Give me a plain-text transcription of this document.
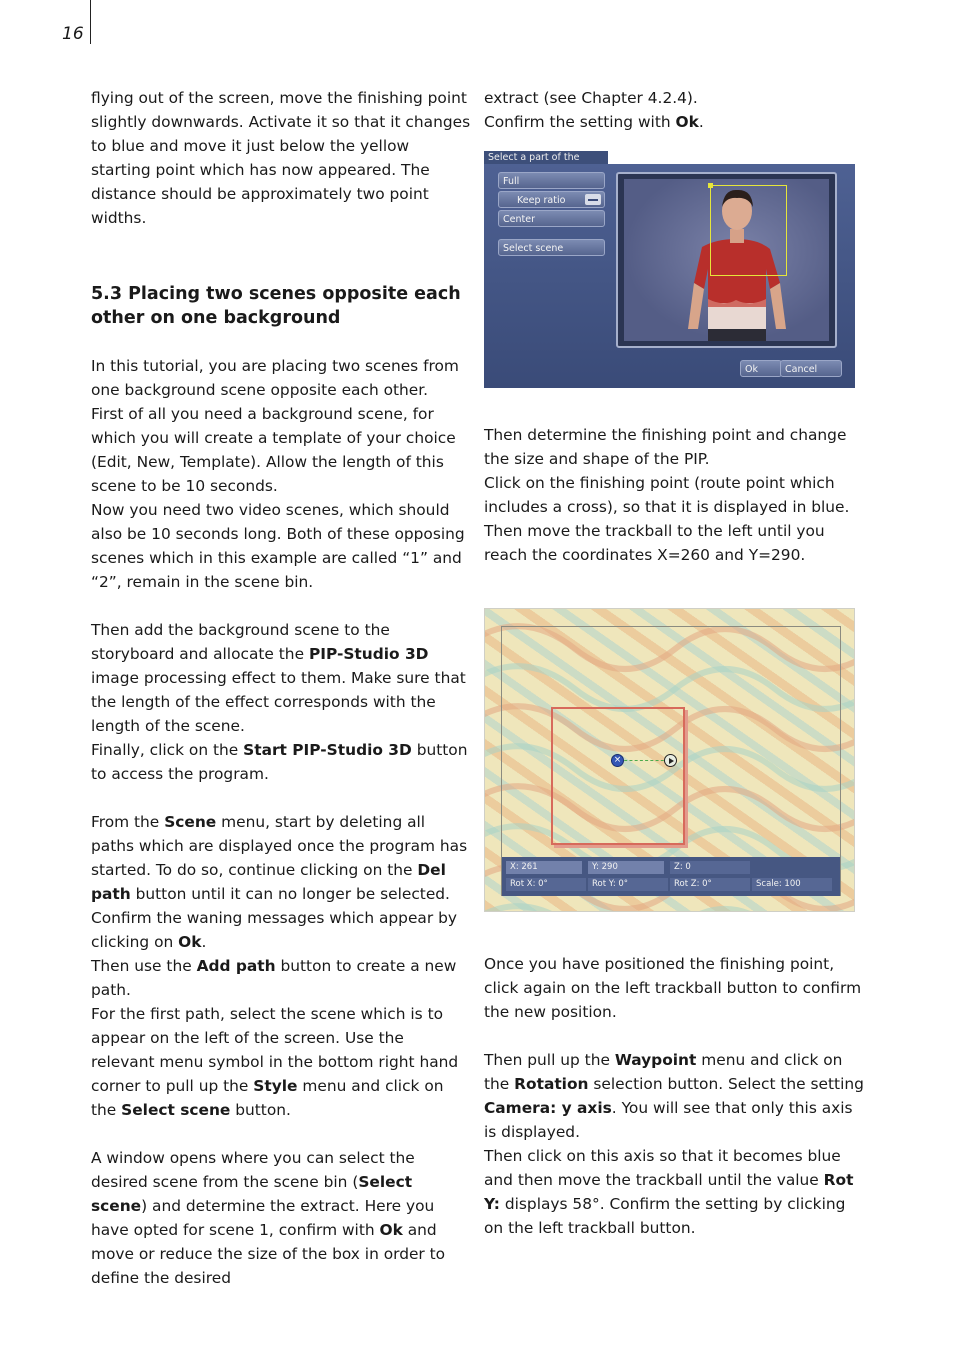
16

flying out of the screen, move the finishing point slightly downwards. Activate it so that it changes to blue and move it just below the yellow starting point which has now appeared. The distance should be approximately two point widths.

5.3 Placing two scenes opposite each other on one background

In this tutorial, you are placing two scenes from one background scene opposite each other.

First of all you need a background scene, for which you will create a template of your choice (Edit, New, Template). Allow the length of this scene to be 10 seconds.

Now you need two video scenes, which should also be 10 seconds long. Both of these opposing scenes which in this example are called “1” and “2”, remain in the scene bin.

Then add the background scene to the storyboard and allocate the PIP-Studio 3D image processing effect to them. Make sure that the length of the effect corresponds with the length of the scene.

Finally, click on the Start PIP-Studio 3D button to access the program.

From the Scene menu, start by deleting all paths which are displayed once the program has started. To do so, continue clicking on the Del path button until it can no longer be selected.

Confirm the waning messages which appear by clicking on Ok.

Then use the Add path button to create a new path.

For the first path, select the scene which is to appear on the left of the screen. Use the relevant menu symbol in the bottom right hand corner to pull up the Style menu and click on the Select scene button.

A window opens where you can select the desired scene from the scene bin (Select scene) and determine the extract. Here you have opted for scene 1, confirm with Ok and move or reduce the size of the box in order to define the desired

extract (see Chapter 4.2.4).

Confirm the setting with Ok.

Select a part of the
Full
Keep ratio
Center
Select scene
Ok	Cancel

Then determine the finishing point and change the size and shape of the PIP.

Click on the finishing point (route point which includes a cross), so that it is displayed in blue. Then move the trackball to the left until you reach the coordinates X=260 and Y=290.

×
X: 261	Y: 290	Z: 0
Rot X: 0°	Rot Y: 0°	Rot Z: 0°	Scale: 100

Once you have positioned the finishing point, click again on the left trackball button to confirm the new position.

Then pull up the Waypoint menu and click on the Rotation selection button. Select the setting Camera: y axis. You will see that only this axis is displayed.

Then click on this axis so that it becomes blue and then move the trackball until the value Rot Y: displays 58°. Confirm the setting by clicking on the left trackball button.
